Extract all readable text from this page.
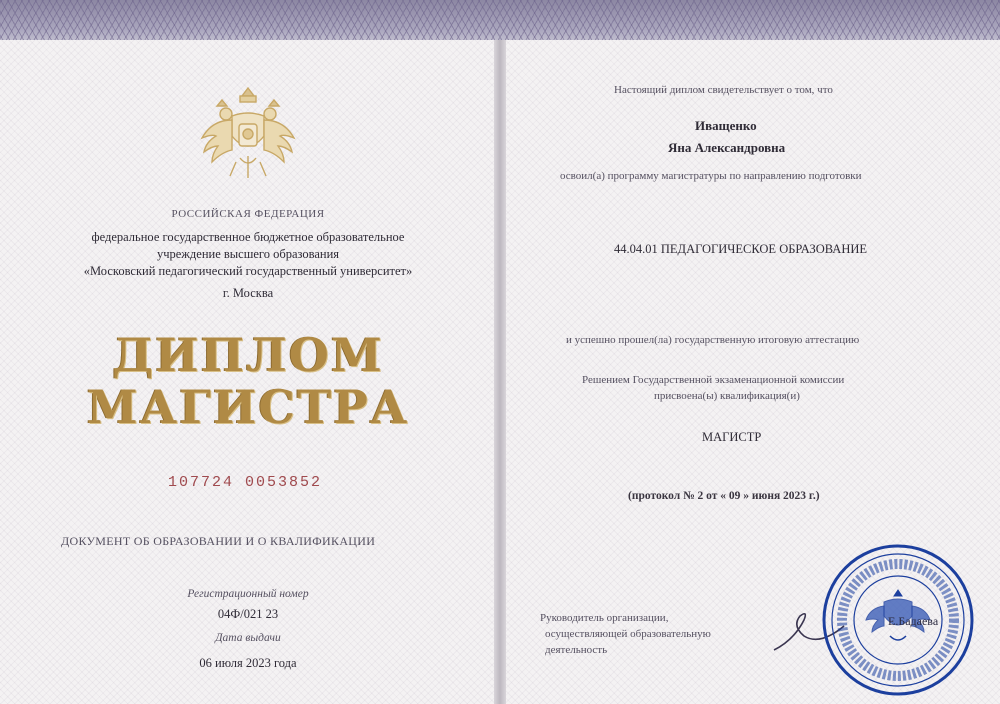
РОССИЙСКАЯ ФЕДЕРАЦИЯ

федеральное государственное бюджетное образовательное

учреждение высшего образования

«Московский педагогический государственный университет»

г. Москва

ДИПЛОМ

МАГИСТРА

107724 0053852

ДОКУМЕНТ ОБ ОБРАЗОВАНИИ И О КВАЛИФИКАЦИИ

Регистрационный номер

04Ф/021 23

Дата выдачи

06 июля 2023 года

Настоящий диплом свидетельствует о том, что

Иващенко

Яна Александровна

освоил(а) программу магистратуры по направлению подготовки

44.04.01 ПЕДАГОГИЧЕСКОЕ ОБРАЗОВАНИЕ

и успешно прошел(ла) государственную итоговую аттестацию

Решением Государственной экзаменационной комиссии

присвоена(ы) квалификация(и)

МАГИСТР

(протокол № 2 от « 09 » июня 2023 г.)

Руководитель организации,

осуществляющей образовательную

деятельность

Е.Бадаева
